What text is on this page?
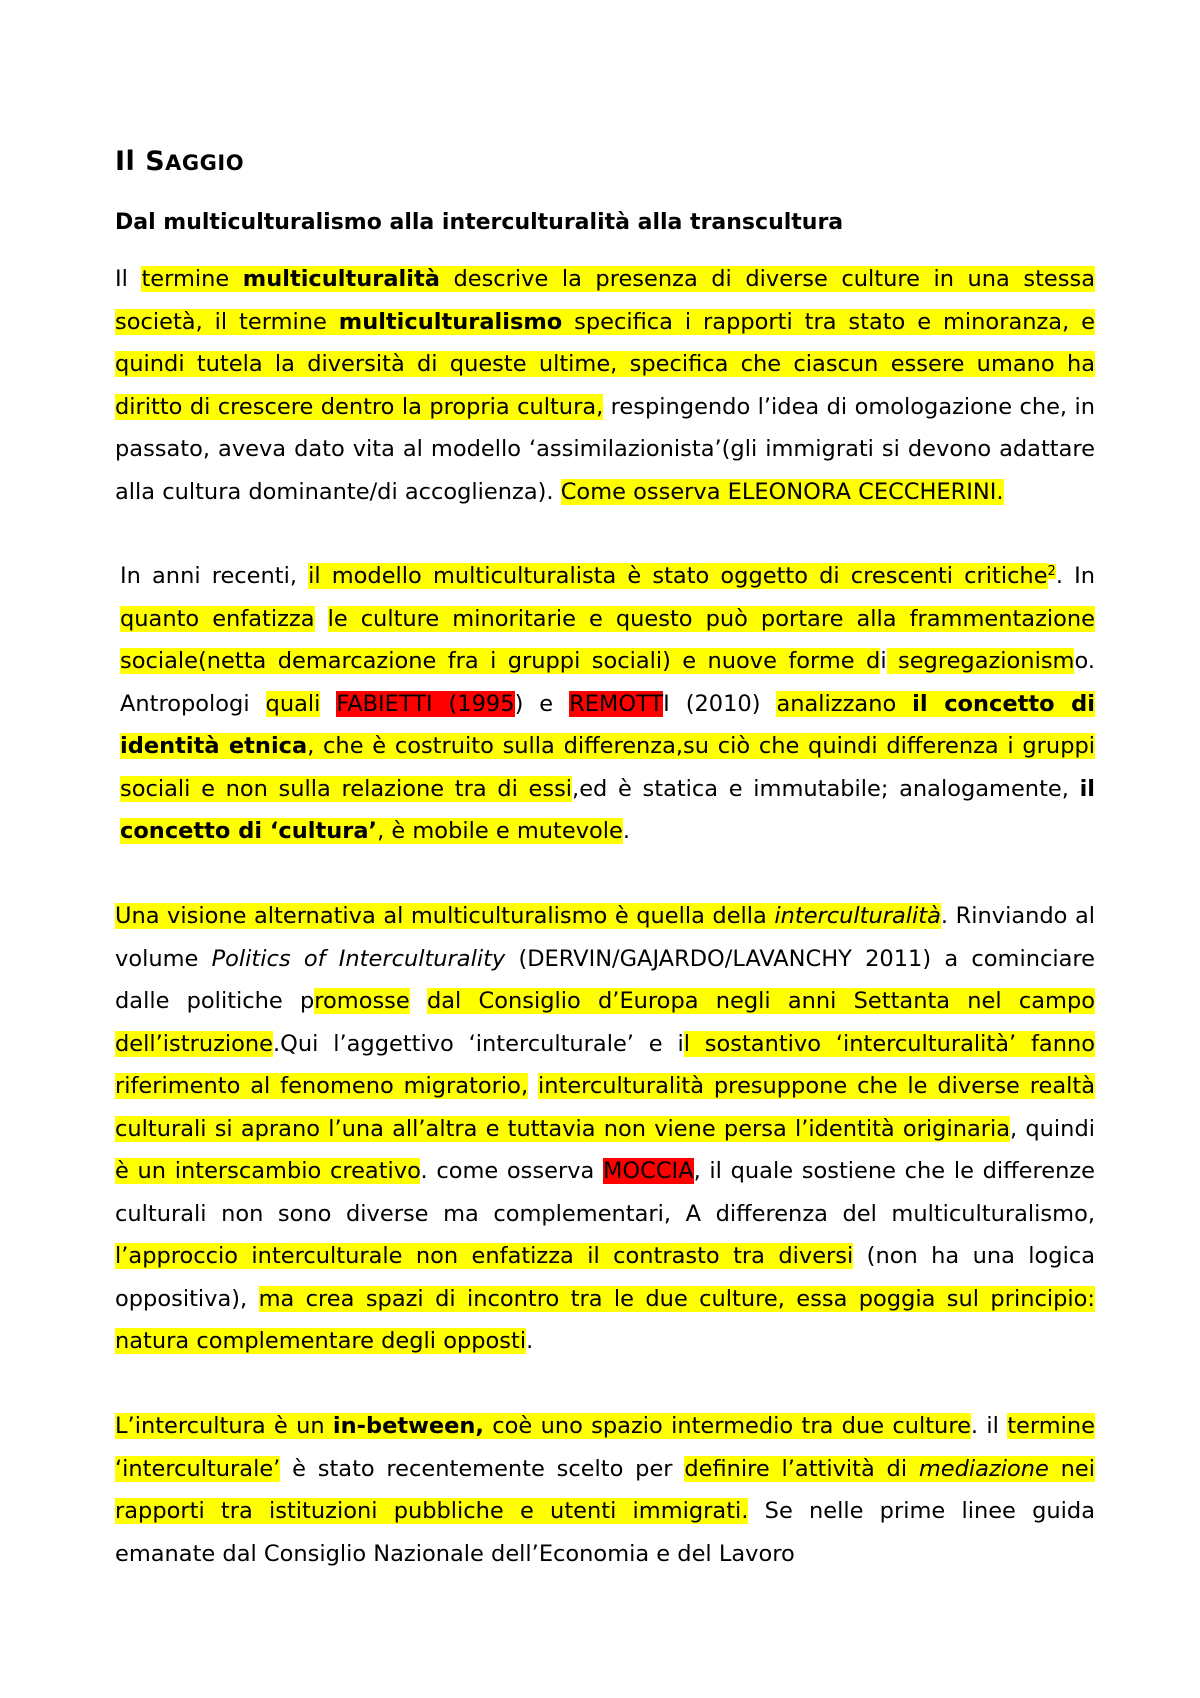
Il SAGGIO
Dal multiculturalismo alla interculturalità alla transcultura

Il termine multiculturalità descrive la presenza di diverse culture in una stessa società, il termine multiculturalismo specifica i rapporti tra stato e minoranza, e quindi tutela la diversità di queste ultime, specifica che ciascun essere umano ha diritto di crescere dentro la propria cultura, respingendo l’idea di omologazione che, in passato, aveva dato vita al modello ‘assimilazionista’(gli immigrati si devono adattare alla cultura dominante/di accoglienza). Come osserva ELEONORA CECCHERINI.

In anni recenti, il modello multiculturalista è stato oggetto di crescenti critiche$^2$. In quanto enfatizza le culture minoritarie e questo può portare alla frammentazione sociale(netta demarcazione fra i gruppi sociali) e nuove forme di segregazionismo. Antropologi quali FABIETTI (1995) e REMOTTI (2010) analizzano il concetto di identità etnica, che è costruito sulla differenza,su ciò che quindi differenza i gruppi sociali e non sulla relazione tra di essi,ed è statica e immutabile; analogamente, il concetto di ‘cultura’, è mobile e mutevole.

Una visione alternativa al multiculturalismo è quella della interculturalità. Rinviando al volume Politics of Interculturality (DERVIN/GAJARDO/LAVANCHY 2011) a cominciare dalle politiche promosse dal Consiglio d’Europa negli anni Settanta nel campo dell’istruzione.Qui l’aggettivo ‘interculturale’ e il sostantivo ‘interculturalità’ fanno riferimento al fenomeno migratorio, interculturalità presuppone che le diverse realtà culturali si aprano l’una all’altra e tuttavia non viene persa l’identità originaria, quindi è un interscambio creativo. come osserva MOCCIA, il quale sostiene che le differenze culturali non sono diverse ma complementari, A differenza del multiculturalismo, l’approccio interculturale non enfatizza il contrasto tra diversi (non ha una logica oppositiva), ma crea spazi di incontro tra le due culture, essa poggia sul principio: natura complementare degli opposti.

L’intercultura è un in-between, coè uno spazio intermedio tra due culture. il termine ‘interculturale’ è stato recentemente scelto per definire l’attività di mediazione nei rapporti tra istituzioni pubbliche e utenti immigrati. Se nelle prime linee guida emanate dal Consiglio Nazionale dell’Economia e del Lavoro
